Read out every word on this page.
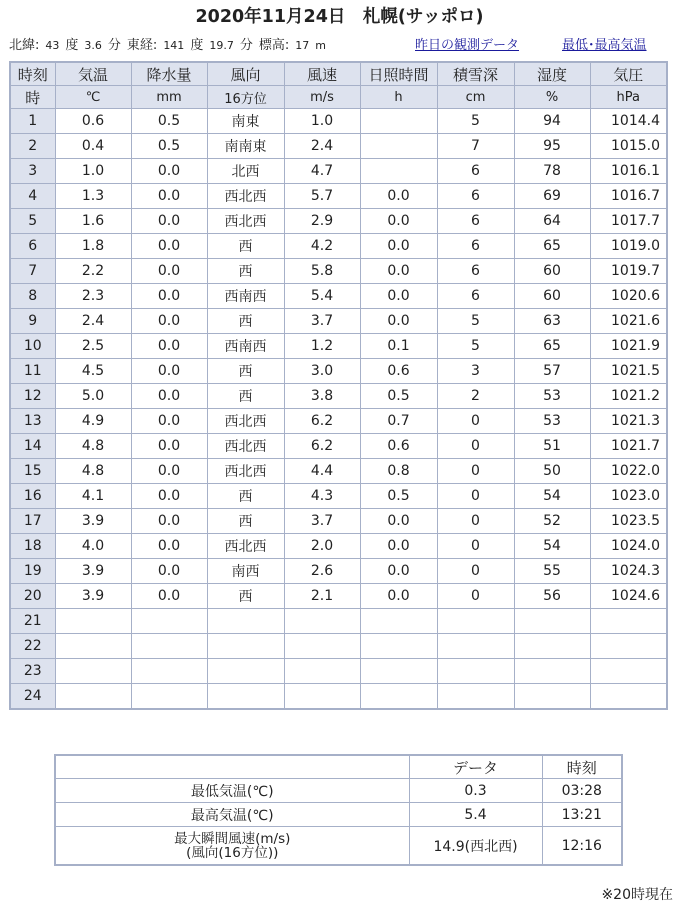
2020年11月24日　札幌(サッポロ)
北緯: 43 度 3.6 分 東経: 141 度 19.7 分 標高: 17 m	昨日の観測データ	最低･最高気温
時刻	気温	降水量	風向	風速	日照時間	積雪深	湿度	気圧
時	℃	mm	16方位	m/s	h	cm	%	hPa
1	0.6	0.5	南東	1.0		5	94	1014.4
2	0.4	0.5	南南東	2.4		7	95	1015.0
3	1.0	0.0	北西	4.7		6	78	1016.1
4	1.3	0.0	西北西	5.7	0.0	6	69	1016.7
5	1.6	0.0	西北西	2.9	0.0	6	64	1017.7
6	1.8	0.0	西	4.2	0.0	6	65	1019.0
7	2.2	0.0	西	5.8	0.0	6	60	1019.7
8	2.3	0.0	西南西	5.4	0.0	6	60	1020.6
9	2.4	0.0	西	3.7	0.0	5	63	1021.6
10	2.5	0.0	西南西	1.2	0.1	5	65	1021.9
11	4.5	0.0	西	3.0	0.6	3	57	1021.5
12	5.0	0.0	西	3.8	0.5	2	53	1021.2
13	4.9	0.0	西北西	6.2	0.7	0	53	1021.3
14	4.8	0.0	西北西	6.2	0.6	0	51	1021.7
15	4.8	0.0	西北西	4.4	0.8	0	50	1022.0
16	4.1	0.0	西	4.3	0.5	0	54	1023.0
17	3.9	0.0	西	3.7	0.0	0	52	1023.5
18	4.0	0.0	西北西	2.0	0.0	0	54	1024.0
19	3.9	0.0	南西	2.6	0.0	0	55	1024.3
20	3.9	0.0	西	2.1	0.0	0	56	1024.6
21								
22								
23								
24								
	データ	時刻
最低気温(℃)	0.3	03:28
最高気温(℃)	5.4	13:21

最大瞬間風速(m/s)
(風向(16方位))	14.9(西北西)	12:16
※20時現在
